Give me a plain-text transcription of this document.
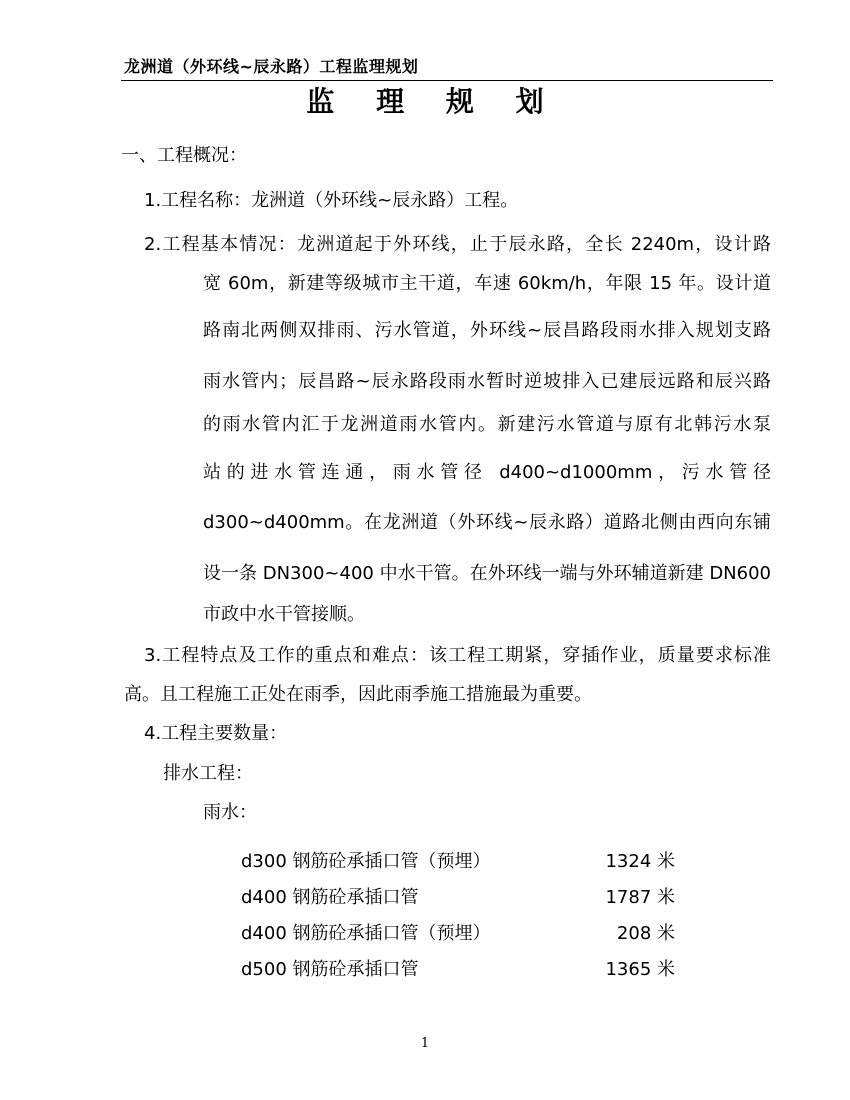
龙洲道（外环线~辰永路）工程监理规划
监 理 规 划
一、工程概况：
1.工程名称：龙洲道（外环线~辰永路）工程。
2.工程基本情况：龙洲道起于外环线，止于辰永路，全长 2240m，设计路
宽 60m，新建等级城市主干道，车速 60km/h，年限 15 年。设计道
路南北两侧双排雨、污水管道，外环线~辰昌路段雨水排入规划支路
雨水管内；辰昌路~辰永路段雨水暂时逆坡排入已建辰远路和辰兴路
的雨水管内汇于龙洲道雨水管内。新建污水管道与原有北韩污水泵
站的进水管连通，雨水管径 d400~d1000mm，污水管径
d300~d400mm。在龙洲道（外环线~辰永路）道路北侧由西向东铺
设一条 DN300~400 中水干管。在外环线一端与外环辅道新建 DN600
市政中水干管接顺。
3.工程特点及工作的重点和难点：该工程工期紧，穿插作业，质量要求标准
高。且工程施工正处在雨季，因此雨季施工措施最为重要。
4.工程主要数量：
排水工程：
雨水：
d300 钢筋砼承插口管（预埋）	1324 米
d400 钢筋砼承插口管	1787 米
d400 钢筋砼承插口管（预埋）	208 米
d500 钢筋砼承插口管	1365 米
1
